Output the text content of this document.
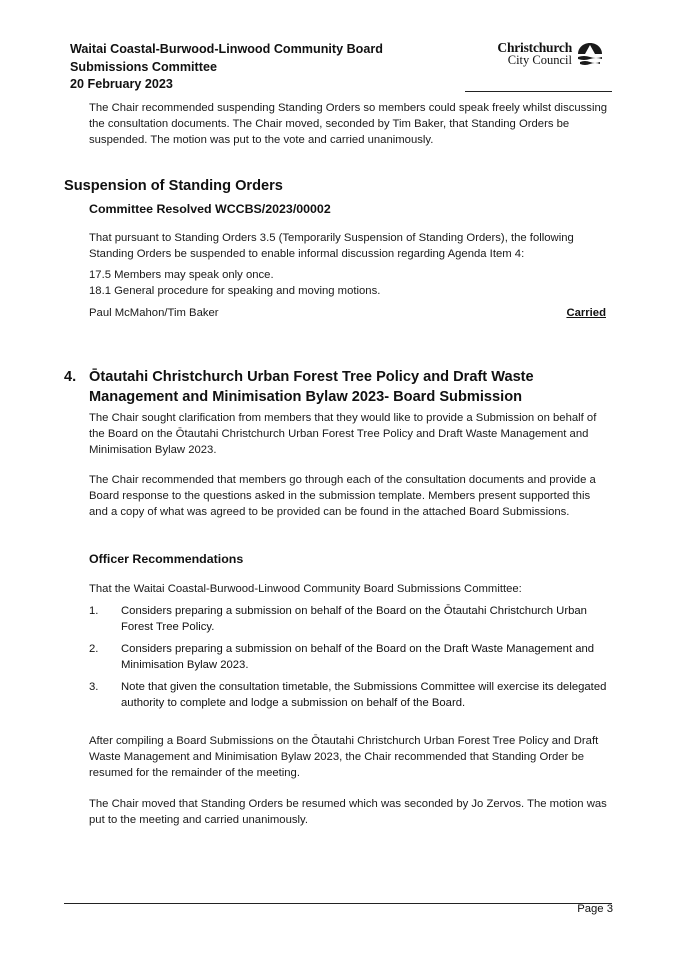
Waitai Coastal-Burwood-Linwood Community Board
Submissions Committee
20 February 2023
Christchurch
City Council
The Chair recommended suspending Standing Orders so members could speak freely whilst discussing the consultation documents. The Chair moved, seconded by Tim Baker, that Standing Orders be suspended. The motion was put to the vote and carried unanimously.
Suspension of Standing Orders
Committee Resolved WCCBS/2023/00002
That pursuant to Standing Orders 3.5 (Temporarily Suspension of Standing Orders), the following Standing Orders be suspended to enable informal discussion regarding Agenda Item 4:
17.5 Members may speak only once.
18.1 General procedure for speaking and moving motions.
Paul McMahon/Tim Baker	Carried
4. Ōtautahi Christchurch Urban Forest Tree Policy and Draft Waste Management and Minimisation Bylaw 2023- Board Submission
The Chair sought clarification from members that they would like to provide a Submission on behalf of the Board on the Ōtautahi Christchurch Urban Forest Tree Policy and Draft Waste Management and Minimisation Bylaw 2023.
The Chair recommended that members go through each of the consultation documents and provide a Board response to the questions asked in the submission template. Members present supported this and a copy of what was agreed to be provided can be found in the attached Board Submissions.
Officer Recommendations
That the Waitai Coastal-Burwood-Linwood Community Board Submissions Committee:
1. Considers preparing a submission on behalf of the Board on the Ōtautahi Christchurch Urban Forest Tree Policy.
2. Considers preparing a submission on behalf of the Board on the Draft Waste Management and Minimisation Bylaw 2023.
3. Note that given the consultation timetable, the Submissions Committee will exercise its delegated authority to complete and lodge a submission on behalf of the Board.
After compiling a Board Submissions on the Ōtautahi Christchurch Urban Forest Tree Policy and Draft Waste Management and Minimisation Bylaw 2023, the Chair recommended that Standing Order be resumed for the remainder of the meeting.
The Chair moved that Standing Orders be resumed which was seconded by Jo Zervos. The motion was put to the meeting and carried unanimously.
Page 3
